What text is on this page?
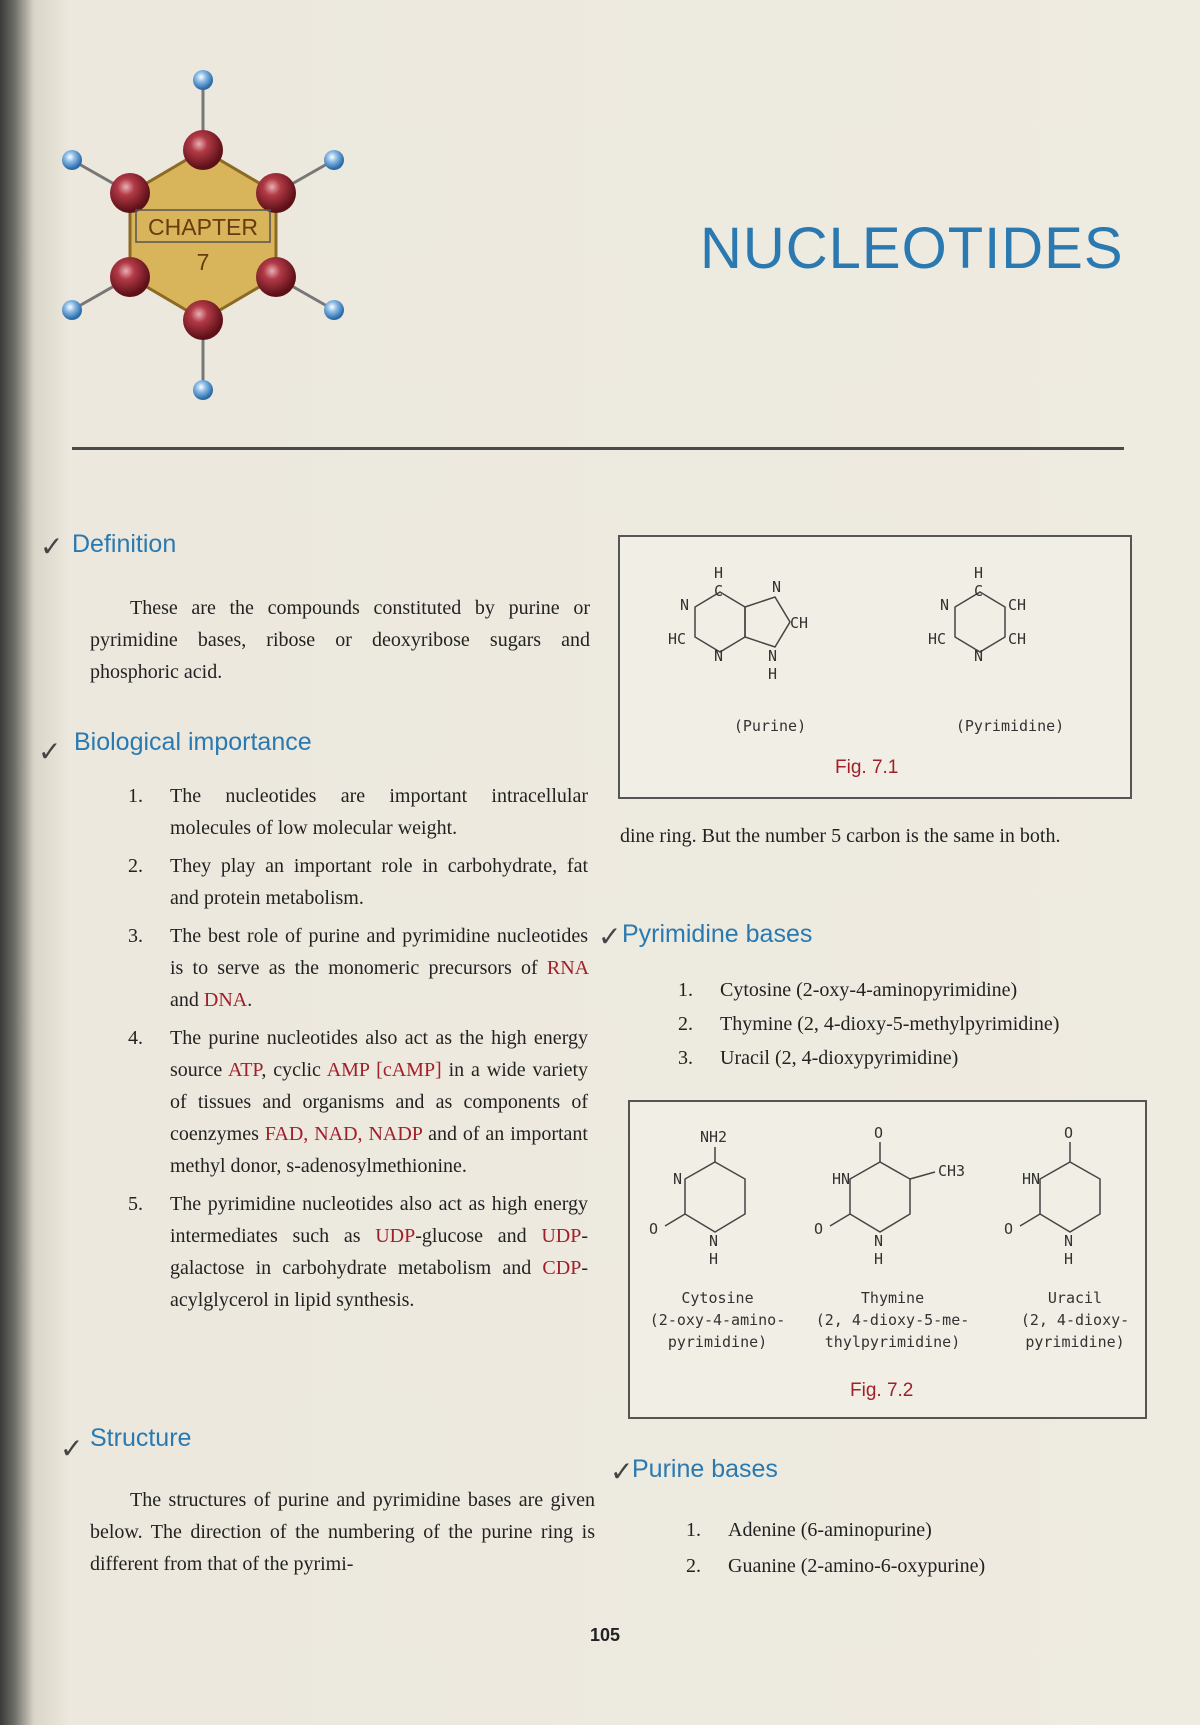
CHAPTER
7	NUCLEOTIDES
✓ Definition
These are the compounds constituted by purine or pyrimidine bases, ribose or deoxyribose sugars and phosphoric acid.
✓ Biological importance
1. The nucleotides are important intracellular molecules of low molecular weight.
2. They play an important role in carbohydrate, fat and protein metabolism.
3. The best role of purine and pyrimidine nucleotides is to serve as the monomeric precursors of RNA and DNA.
4. The purine nucleotides also act as the high energy source ATP, cyclic AMP [cAMP] in a wide variety of tissues and organisms and as components of coenzymes FAD, NAD, NADP and of an important methyl donor, s-adenosylmethionine.
5. The pyrimidine nucleotides also act as high energy intermediates such as UDP-glucose and UDP-galactose in carbohydrate metabolism and CDP-acylglycerol in lipid synthesis.
✓ Structure
The structures of purine and pyrimidine bases are given below. The direction of the numbering of the purine ring is different from that of the pyrimi-
H
C
N
N
CH
HC
N	N
H
H
C
N	CH
CH
HC
N
(Purine)	(Pyrimidine)
Fig. 7.1
dine ring. But the number 5 carbon is the same in both.
✓ Pyrimidine bases
1. Cytosine (2-oxy-4-aminopyrimidine)
2. Thymine (2, 4-dioxy-5-methylpyrimidine)
3. Uracil (2, 4-dioxypyrimidine)
NH2
N
O
N
H
O
HN	CH3
O
N
H
O
HN
O
N
H
Cytosine
(2-oxy-4-amino-
pyrimidine)
Thymine
(2, 4-dioxy-5-me-
thylpyrimidine)
Uracil
(2, 4-dioxy-
pyrimidine)
Fig. 7.2
✓
Purine bases
1. Adenine (6-aminopurine)
2. Guanine (2-amino-6-oxypurine)
105
